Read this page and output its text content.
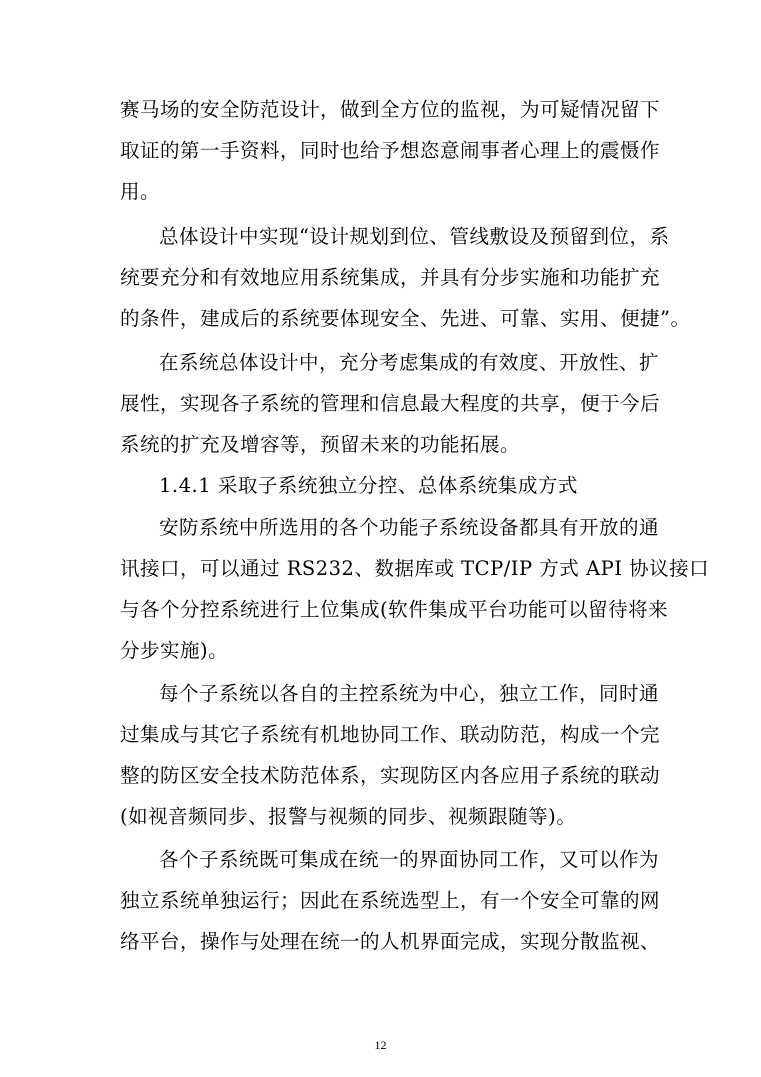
赛马场的安全防范设计，做到全方位的监视，为可疑情况留下
取证的第一手资料，同时也给予想恣意闹事者心理上的震慑作
用。
总体设计中实现“设计规划到位、管线敷设及预留到位，系
统要充分和有效地应用系统集成，并具有分步实施和功能扩充
的条件，建成后的系统要体现安全、先进、可靠、实用、便捷”。
在系统总体设计中，充分考虑集成的有效度、开放性、扩
展性，实现各子系统的管理和信息最大程度的共享，便于今后
系统的扩充及增容等，预留未来的功能拓展。
1.4.1 采取子系统独立分控、总体系统集成方式
安防系统中所选用的各个功能子系统设备都具有开放的通
讯接口，可以通过 RS232、数据库或 TCP/IP 方式 API 协议接口
与各个分控系统进行上位集成(软件集成平台功能可以留待将来
分步实施)。
每个子系统以各自的主控系统为中心，独立工作，同时通
过集成与其它子系统有机地协同工作、联动防范，构成一个完
整的防区安全技术防范体系，实现防区内各应用子系统的联动
(如视音频同步、报警与视频的同步、视频跟随等)。
各个子系统既可集成在统一的界面协同工作，又可以作为
独立系统单独运行；因此在系统选型上，有一个安全可靠的网
络平台，操作与处理在统一的人机界面完成，实现分散监视、
12
